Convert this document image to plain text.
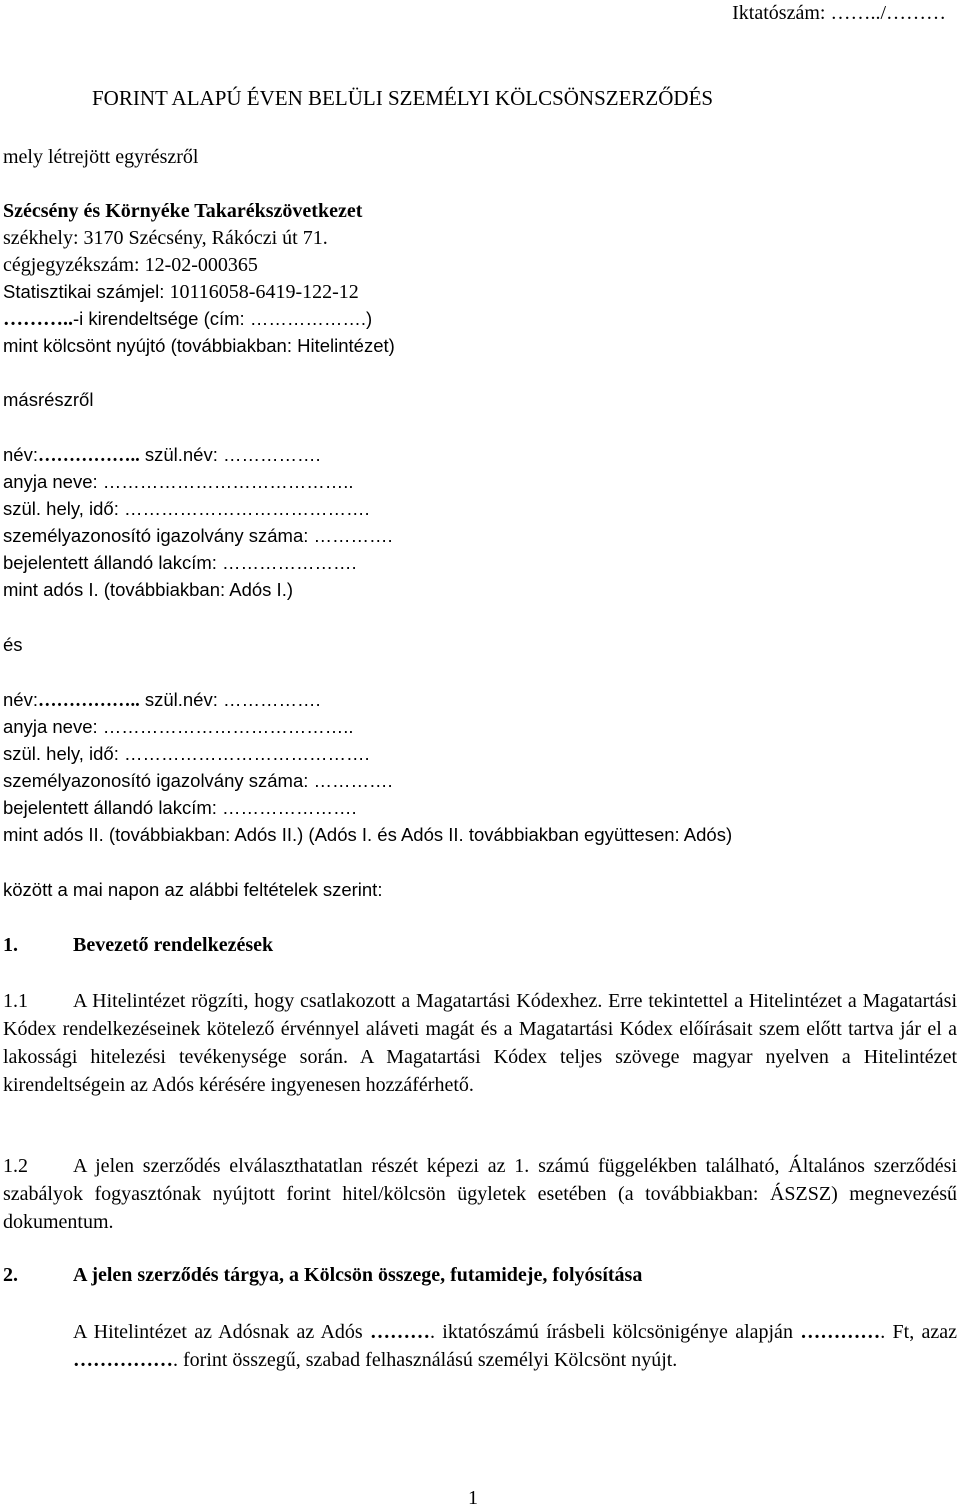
Iktatószám: ……../………
FORINT ALAPÚ ÉVEN BELÜLI SZEMÉLYI KÖLCSÖNSZERZŐDÉS
mely létrejött egyrészről
Szécsény és Környéke Takarékszövetkezet
székhely: 3170 Szécsény, Rákóczi út 71.
cégjegyzékszám: 12-02-000365
Statisztikai számjel: 10116058-6419-122-12
………..-i kirendeltsége (cím: ……………….)
mint kölcsönt nyújtó (továbbiakban: Hitelintézet)
másrészről
név:…………….. szül.név: …………….
anyja neve: …………………………………..
szül. hely, idő: ………………………………….
személyazonosító igazolvány száma: ………….
bejelentett állandó lakcím: ………………….
mint adós I. (továbbiakban: Adós I.)
és
név:…………….. szül.név: …………….
anyja neve: …………………………………..
szül. hely, idő: ………………………………….
személyazonosító igazolvány száma: ………….
bejelentett állandó lakcím: ………………….
mint adós II. (továbbiakban: Adós II.) (Adós I. és Adós II. továbbiakban együttesen: Adós)
között a mai napon az alábbi feltételek szerint:
1.	Bevezető rendelkezések
1.1 A Hitelintézet rögzíti, hogy csatlakozott a Magatartási Kódexhez. Erre tekintettel a Hitelintézet a Magatartási Kódex rendelkezéseinek kötelező érvénnyel aláveti magát és a Magatartási Kódex előírásait szem előtt tartva jár el a lakossági hitelezési tevékenysége során. A Magatartási Kódex teljes szövege magyar nyelven a Hitelintézet kirendeltségein az Adós kérésére ingyenesen hozzáférhető.
1.2 A jelen szerződés elválaszthatatlan részét képezi az 1. számú függelékben található, Általános szerződési szabályok fogyasztónak nyújtott forint hitel/kölcsön ügyletek esetében (a továbbiakban: ÁSZSZ) megnevezésű dokumentum.
2.	A jelen szerződés tárgya, a Kölcsön összege, futamideje, folyósítása
A Hitelintézet az Adósnak az Adós ………. iktatószámú írásbeli kölcsönigénye alapján …………. Ft, azaz ……………. forint összegű, szabad felhasználású személyi Kölcsönt nyújt.
1
